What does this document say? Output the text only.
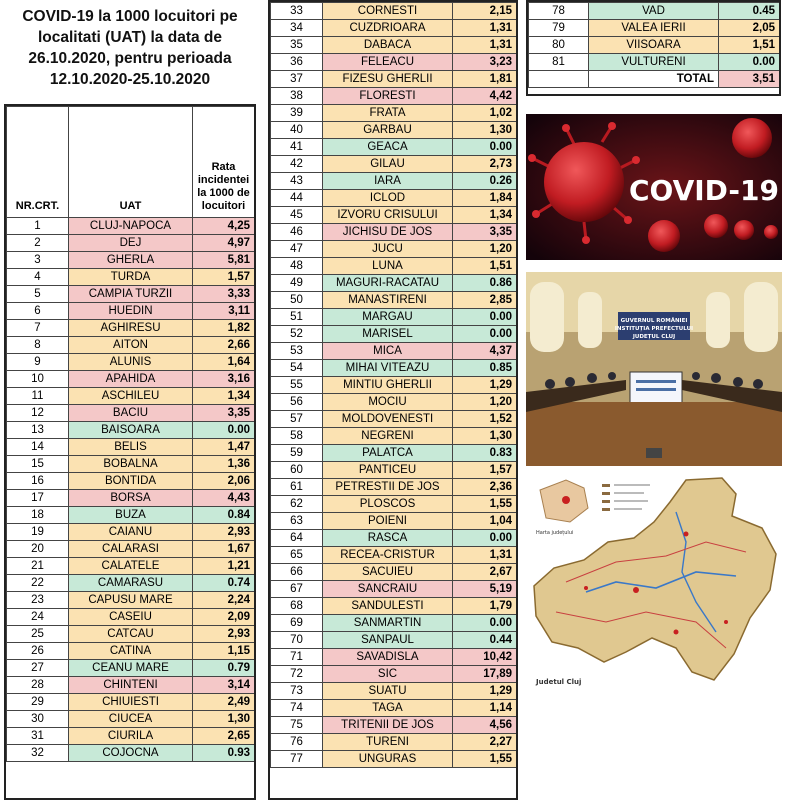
COVID-19 la 1000 locuitori pe localitati (UAT) la data de 26.10.2020, pentru perioada 12.10.2020-25.10.2020
NR.CRT.	UAT	Rata incidentei la 1000 de locuitori
1	CLUJ-NAPOCA	4,25
2	DEJ	4,97
3	GHERLA	5,81
4	TURDA	1,57
5	CAMPIA TURZII	3,33
6	HUEDIN	3,11
7	AGHIRESU	1,82
8	AITON	2,66
9	ALUNIS	1,64
10	APAHIDA	3,16
11	ASCHILEU	1,34
12	BACIU	3,35
13	BAISOARA	0.00
14	BELIS	1,47
15	BOBALNA	1,36
16	BONTIDA	2,06
17	BORSA	4,43
18	BUZA	0.84
19	CAIANU	2,93
20	CALARASI	1,67
21	CALATELE	1,21
22	CAMARASU	0.74
23	CAPUSU MARE	2,24
24	CASEIU	2,09
25	CATCAU	2,93
26	CATINA	1,15
27	CEANU MARE	0.79
28	CHINTENI	3,14
29	CHIUIESTI	2,49
30	CIUCEA	1,30
31	CIURILA	2,65
32	COJOCNA	0.93
33	CORNESTI	2,15
34	CUZDRIOARA	1,31
35	DABACA	1,31
36	FELEACU	3,23
37	FIZESU GHERLII	1,81
38	FLORESTI	4,42
39	FRATA	1,02
40	GARBAU	1,30
41	GEACA	0.00
42	GILAU	2,73
43	IARA	0.26
44	ICLOD	1,84
45	IZVORU CRISULUI	1,34
46	JICHISU DE JOS	3,35
47	JUCU	1,20
48	LUNA	1,51
49	MAGURI-RACATAU	0.86
50	MANASTIRENI	2,85
51	MARGAU	0.00
52	MARISEL	0.00
53	MICA	4,37
54	MIHAI VITEAZU	0.85
55	MINTIU GHERLII	1,29
56	MOCIU	1,20
57	MOLDOVENESTI	1,52
58	NEGRENI	1,30
59	PALATCA	0.83
60	PANTICEU	1,57
61	PETRESTII DE JOS	2,36
62	PLOSCOS	1,55
63	POIENI	1,04
64	RASCA	0.00
65	RECEA-CRISTUR	1,31
66	SACUIEU	2,67
67	SANCRAIU	5,19
68	SANDULESTI	1,79
69	SANMARTIN	0.00
70	SANPAUL	0.44
71	SAVADISLA	10,42
72	SIC	17,89
73	SUATU	1,29
74	TAGA	1,14
75	TRITENII DE JOS	4,56
76	TURENI	2,27
77	UNGURAS	1,55
78	VAD	0.45
79	VALEA IERII	2,05
80	VIISOARA	1,51
81	VULTURENI	0.00
	TOTAL	3,51
COVID-19
GUVERNUL ROMÂNIEI
INSTITUȚIA PREFECTULUI
JUDEȚUL CLUJ
Harta județului
Judetul Cluj
